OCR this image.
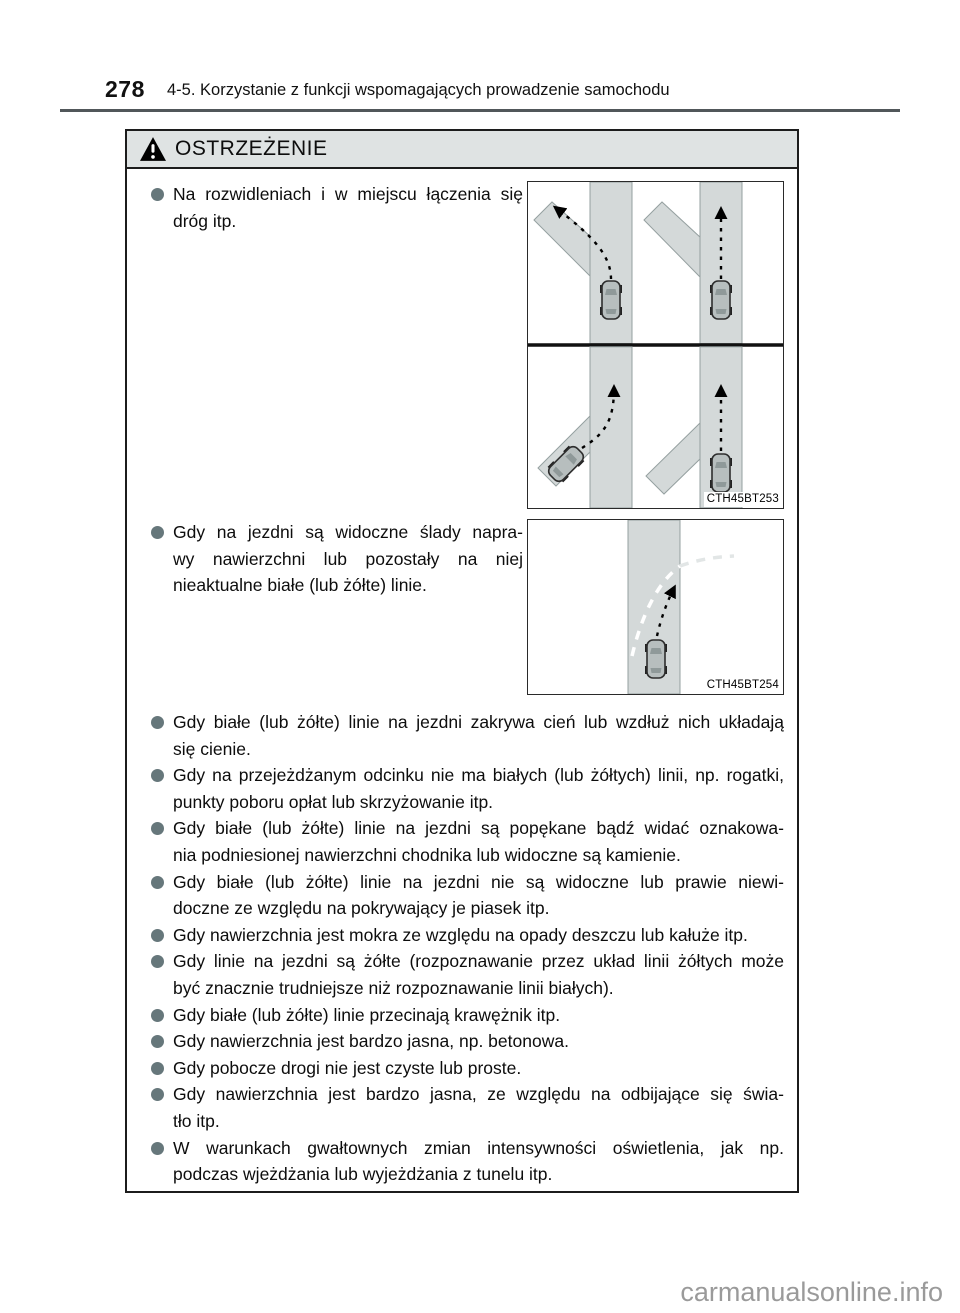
278 4-5. Korzystanie z funkcji wspomagających prowadzenie samochodu
OSTRZEŻENIE
Na rozwidleniach i w miejscu łączenia się
dróg itp.
CTH45BT253
Gdy na jezdni są widoczne ślady napra-
wy nawierzchni lub pozostały na niej
nieaktualne białe (lub żółte) linie.
CTH45BT254
Gdy białe (lub żółte) linie na jezdni zakrywa cień lub wzdłuż nich układają
się cienie.
Gdy na przejeżdżanym odcinku nie ma białych (lub żółtych) linii, np. rogatki,
punkty poboru opłat lub skrzyżowanie itp.
Gdy białe (lub żółte) linie na jezdni są popękane bądź widać oznakowa-
nia podniesionej nawierzchni chodnika lub widoczne są kamienie.
Gdy białe (lub żółte) linie na jezdni nie są widoczne lub prawie niewi-
doczne ze względu na pokrywający je piasek itp.
Gdy nawierzchnia jest mokra ze względu na opady deszczu lub kałuże itp.
Gdy linie na jezdni są żółte (rozpoznawanie przez układ linii żółtych może
być znacznie trudniejsze niż rozpoznawanie linii białych).
Gdy białe (lub żółte) linie przecinają krawężnik itp.
Gdy nawierzchnia jest bardzo jasna, np. betonowa.
Gdy pobocze drogi nie jest czyste lub proste.
Gdy nawierzchnia jest bardzo jasna, ze względu na odbijające się świa-
tło itp.
W warunkach gwałtownych zmian intensywności oświetlenia, jak np.
podczas wjeżdżania lub wyjeżdżania z tunelu itp.
carmanualsonline.info
